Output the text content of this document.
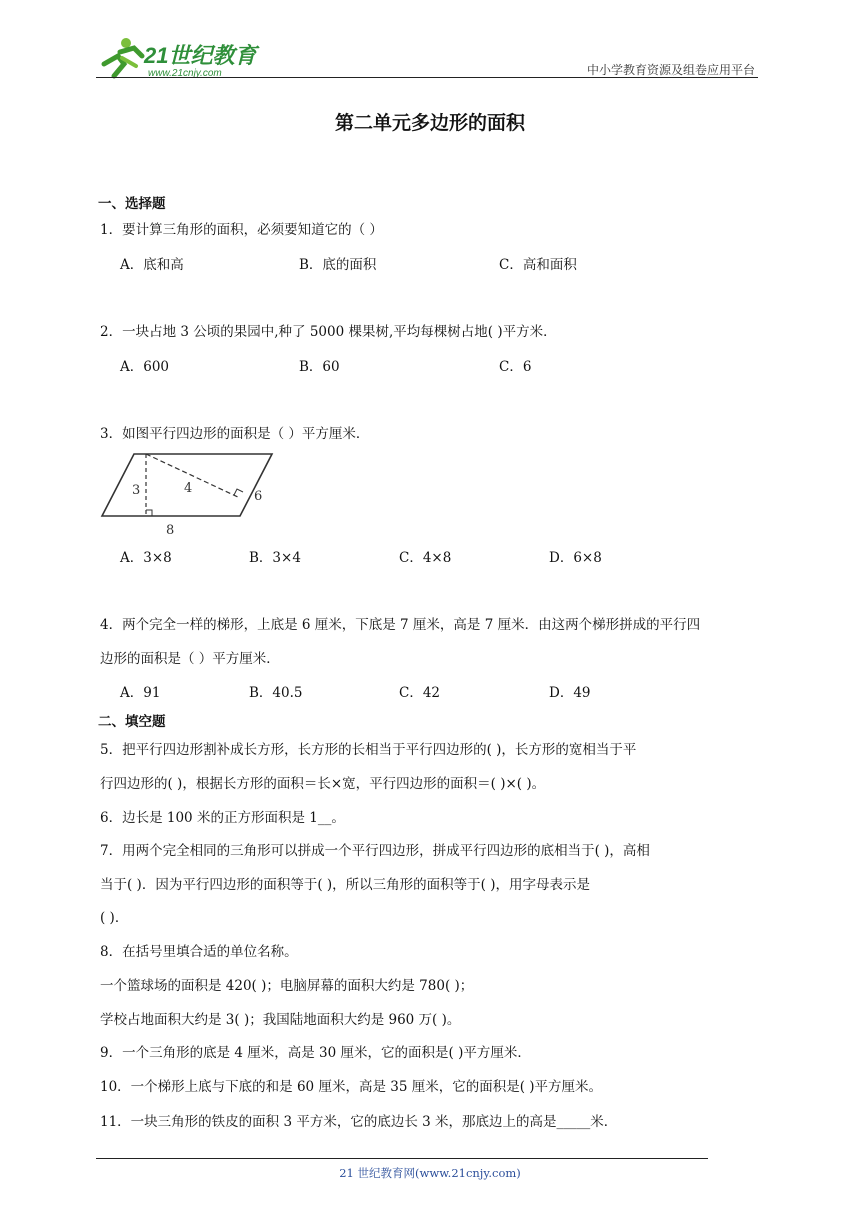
21世纪教育
www.21cnjy.com	中小学教育资源及组卷应用平台
第二单元多边形的面积
一、选择题
1．要计算三角形的面积，必须要知道它的（ ）
A．底和高	B．底的面积	C．高和面积
2．一块占地 3 公顷的果园中,种了 5000 棵果树,平均每棵树占地( )平方米．
A．600	B．60	C．6
3．如图平行四边形的面积是（ ）平方厘米．
3	4
6
8
A．3×8	B．3×4	C．4×8	D．6×8
4．两个完全一样的梯形，上底是 6 厘米，下底是 7 厘米，高是 7 厘米．由这两个梯形拼成的平行四
边形的面积是（ ）平方厘米．
A．91	B．40.5	C．42	D．49
二、填空题
5．把平行四边形割补成长方形，长方形的长相当于平行四边形的( )，长方形的宽相当于平
行四边形的( )，根据长方形的面积＝长×宽，平行四边形的面积＝( )×( )。
6．边长是 100 米的正方形面积是 1__。
7．用两个完全相同的三角形可以拼成一个平行四边形，拼成平行四边形的底相当于( )，高相
当于( )．因为平行四边形的面积等于( )，所以三角形的面积等于( )，用字母表示是
( )．
8．在括号里填合适的单位名称。
一个篮球场的面积是 420( )；电脑屏幕的面积大约是 780( )；
学校占地面积大约是 3( )；我国陆地面积大约是 960 万( )。
9．一个三角形的底是 4 厘米，高是 30 厘米，它的面积是( )平方厘米．
10．一个梯形上底与下底的和是 60 厘米，高是 35 厘米，它的面积是( )平方厘米。
11．一块三角形的铁皮的面积 3 平方米，它的底边长 3 米，那底边上的高是_____米．
21 世纪教育网(www.21cnjy.com)
